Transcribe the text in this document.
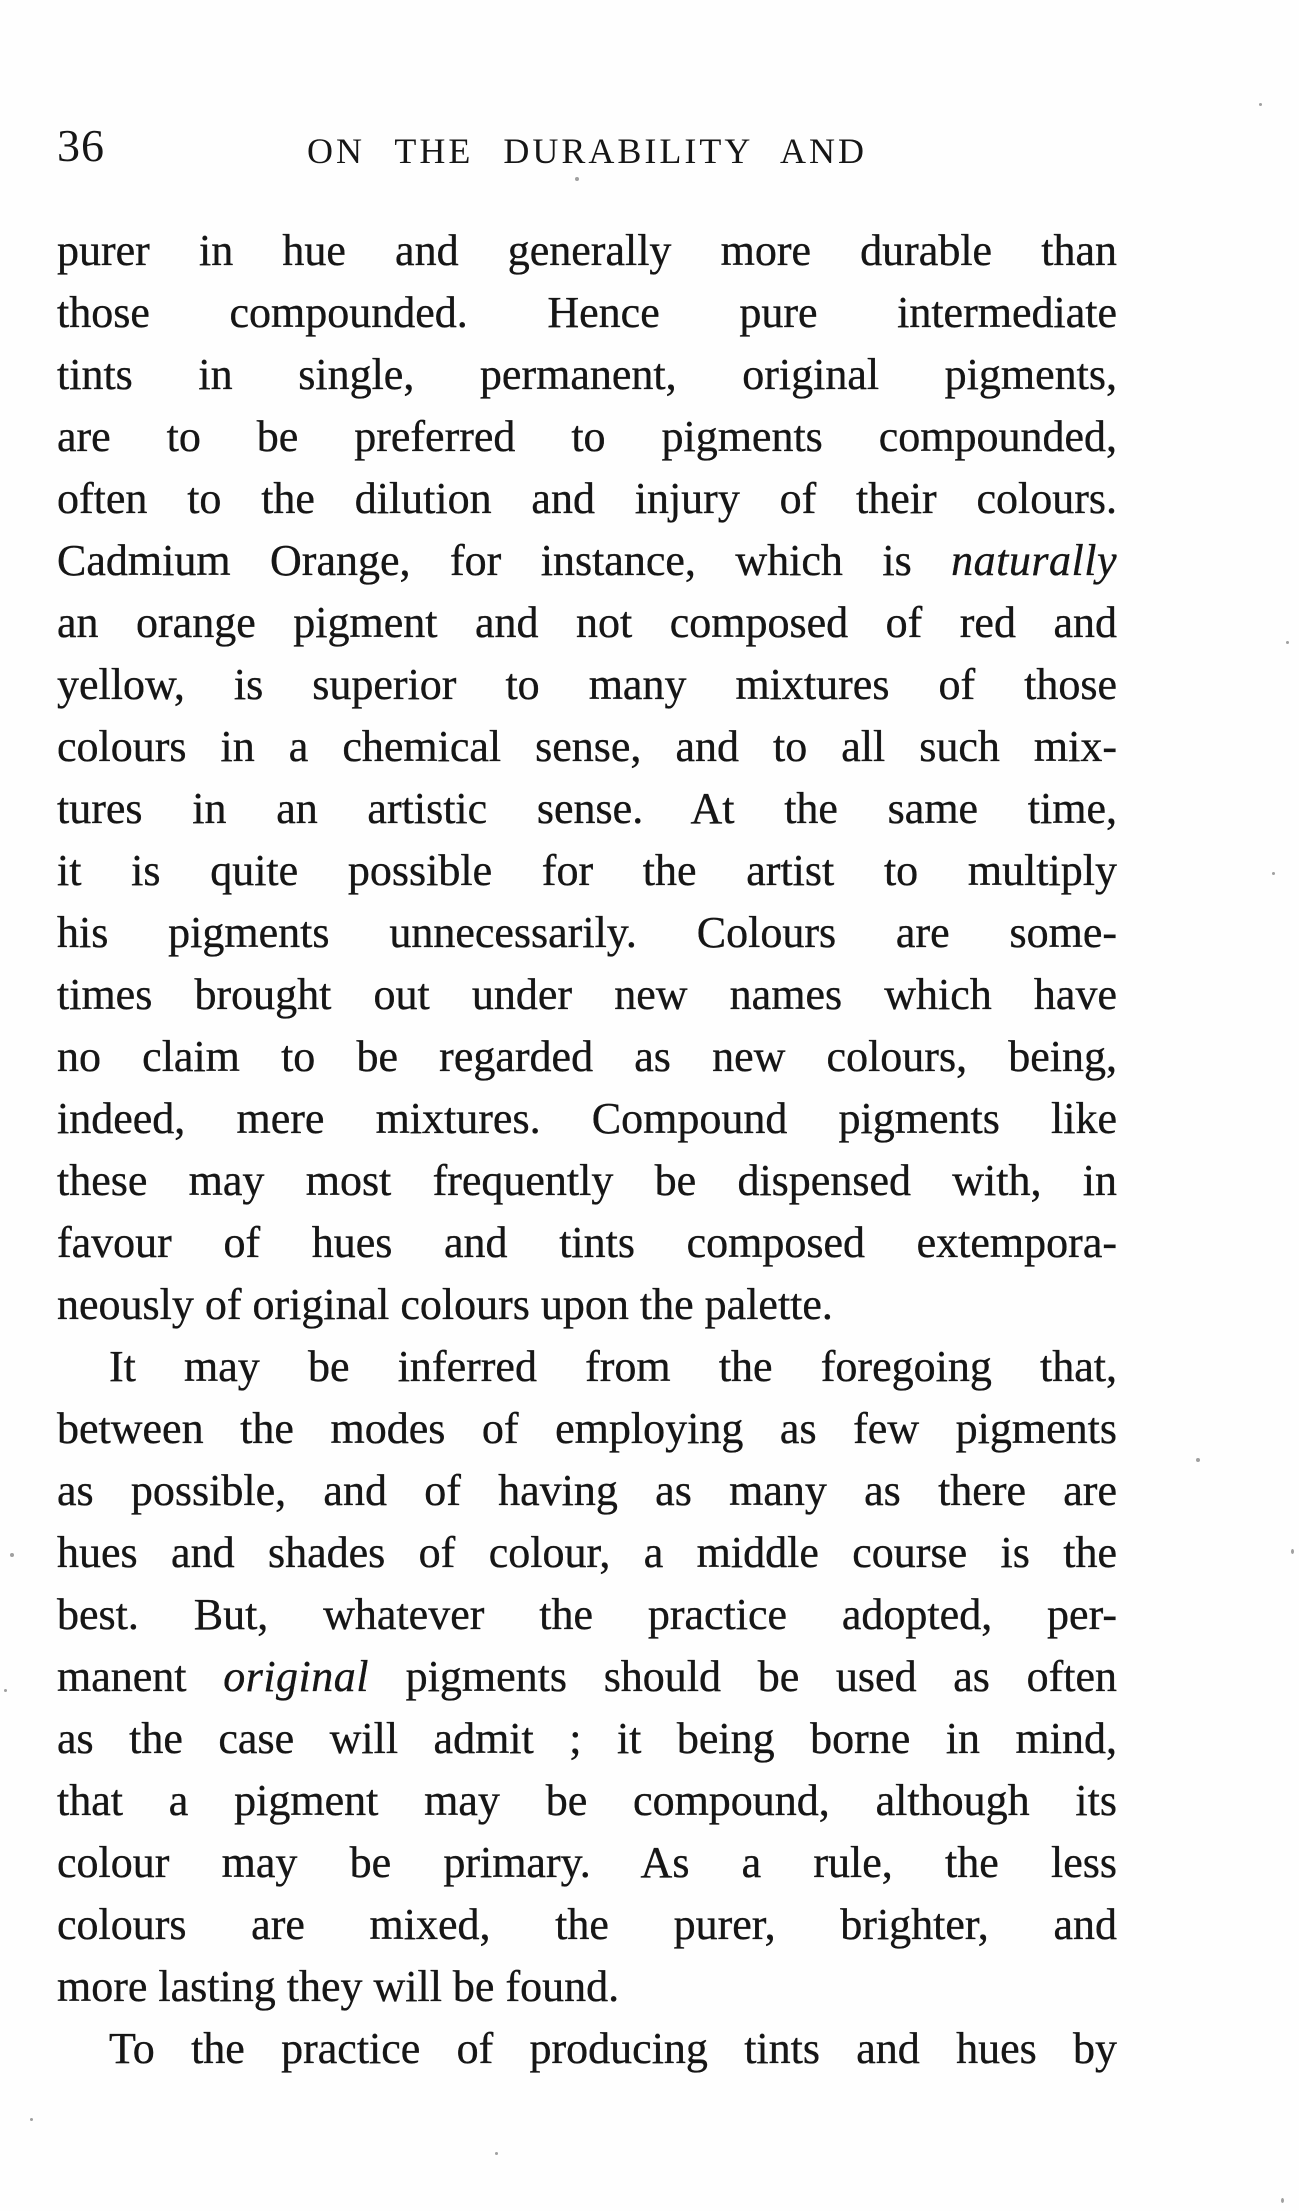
36	ON THE DURABILITY AND
purer in hue and generally more durable than
those compounded. Hence pure intermediate
tints in single, permanent, original pigments,
are to be preferred to pigments compounded,
often to the dilution and injury of their colours.
Cadmium Orange, for instance, which is naturally
an orange pigment and not composed of red and
yellow, is superior to many mixtures of those
colours in a chemical sense, and to all such mix-
tures in an artistic sense. At the same time,
it is quite possible for the artist to multiply
his pigments unnecessarily. Colours are some-
times brought out under new names which have
no claim to be regarded as new colours, being,
indeed, mere mixtures. Compound pigments like
these may most frequently be dispensed with, in
favour of hues and tints composed extempora-
neously of original colours upon the palette.
It may be inferred from the foregoing that,
between the modes of employing as few pigments
as possible, and of having as many as there are
hues and shades of colour, a middle course is the
best. But, whatever the practice adopted, per-
manent original pigments should be used as often
as the case will admit ; it being borne in mind,
that a pigment may be compound, although its
colour may be primary. As a rule, the less
colours are mixed, the purer, brighter, and
more lasting they will be found.
To the practice of producing tints and hues by
